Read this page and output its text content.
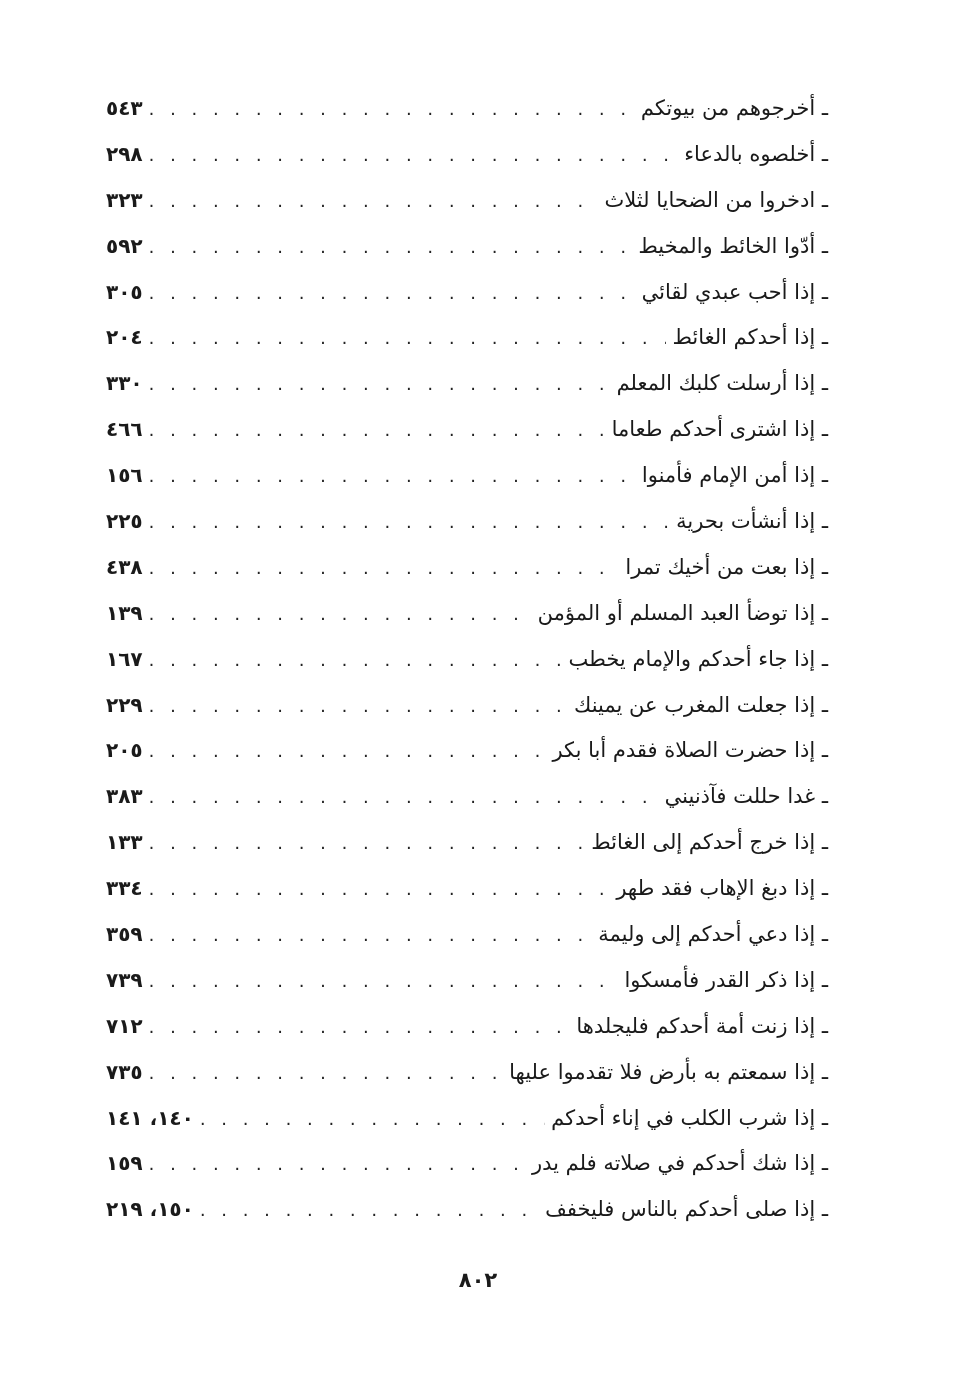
ـ أخرجوهم من بيوتكم
. . .
٥٤٣
ـ أخلصوه بالدعاء
. . .
٢٩٨
ـ ادخروا من الضحايا لثلاث
. . .
٣٢٣
ـ أدّوا الخائط والمخيط
. . .
٥٩٢
ـ إذا أحب عبدي لقائي
. . .
٣٠٥
ـ إذا أحدكم الغائط
. . .
٢٠٤
ـ إذا أرسلت كلبك المعلم
. . .
٣٣٠
ـ إذا اشترى أحدكم طعاما
. . .
٤٦٦
ـ إذا أمن الإمام فأمنوا
. . .
١٥٦
ـ إذا أنشأت بحرية
. . .
٢٢٥
ـ إذا بعت من أخيك تمرا
. . .
٤٣٨
ـ إذا توضأ العبد المسلم أو المؤمن
. . .
١٣٩
ـ إذا جاء أحدكم والإمام يخطب
. . .
١٦٧
ـ إذا جعلت المغرب عن يمينك
. . .
٢٢٩
ـ إذا حضرت الصلاة فقدم أبا بكر
. . .
٢٠٥
ـ غدا حللت فآذنيني
. . .
٣٨٣
ـ إذا خرج أحدكم إلى الغائط
. . .
١٣٣
ـ إذا دبغ الإهاب فقد طهر
. . .
٣٣٤
ـ إذا دعي أحدكم إلى وليمة
. . .
٣٥٩
ـ إذا ذكر القدر فأمسكوا
. . .
٧٣٩
ـ إذا زنت أمة أحدكم فليجلدها
. . .
٧١٢
ـ إذا سمعتم به بأرض فلا تقدموا عليها
. . .
٧٣٥
ـ إذا شرب الكلب في إناء أحدكم
. . .
١٤٠، ١٤١
ـ إذا شك أحدكم في صلاته فلم يدر
. . .
١٥٩
ـ إذا صلى أحدكم بالناس فليخفف
. . .
١٥٠، ٢١٩
٨٠٢
